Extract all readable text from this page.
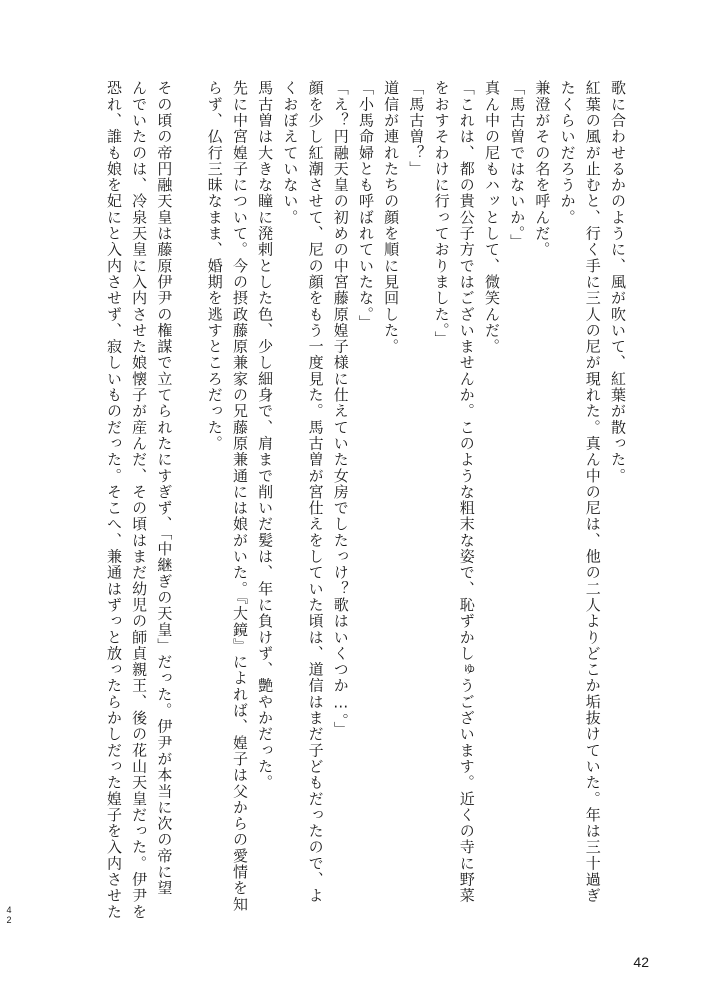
歌に合わせるかのように、風が吹いて、紅葉が散った。
紅葉の風が止むと、行く手に三人の尼が現れた。真ん中の尼は、他の二人よりどこか垢抜けていた。年は三十過ぎ
たくらいだろうか。
兼澄がその名を呼んだ。
「馬古曽ではないか。」
真ん中の尼もハッとして、微笑んだ。
「これは、都の貴公子方ではございませんか。このような粗末な姿で、恥ずかしゅうございます。近くの寺に野菜
をおすそわけに行っておりました。」
「馬古曽？」
道信が連れたちの顔を順に見回した。
「小馬命婦とも呼ばれていたな。」
「え？円融天皇の初めの中宮藤原媓子様に仕えていた女房でしたっけ？歌はいくつか…。」
顔を少し紅潮させて、尼の顔をもう一度見た。馬古曽が宮仕えをしていた頃は、道信はまだ子どもだったので、よ
くおぼえていない。
馬古曽は大きな瞳に溌剌とした色、少し細身で、肩まで削いだ髪は、年に負けず、艶やかだった。
先に中宮媓子について。今の摂政藤原兼家の兄藤原兼通には娘がいた。『大鏡』によれば、媓子は父からの愛情を知
らず、仏行三昧なまま、婚期を逃すところだった。

その頃の帝円融天皇は藤原伊尹の権謀で立てられたにすぎず、「中継ぎの天皇」だった。伊尹が本当に次の帝に望
んでいたのは、冷泉天皇に入内させた娘懐子が産んだ、その頃はまだ幼児の師貞親王、後の花山天皇だった。伊尹を
恐れ、誰も娘を妃にと入内させず、寂しいものだった。そこへ、兼通はずっと放ったらかしだった媓子を入内させた
42
42
